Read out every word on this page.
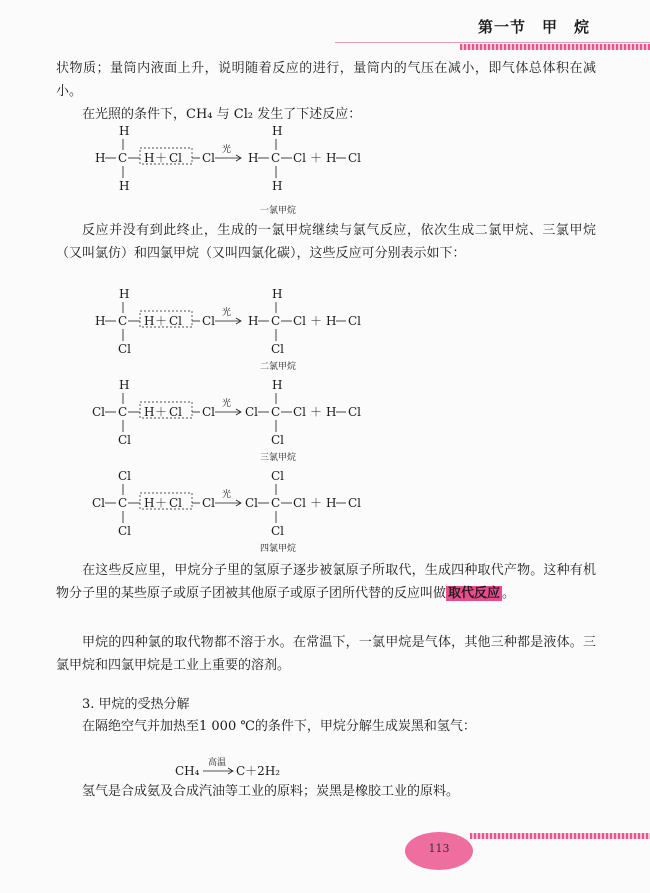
第一节　甲　烷

状物质；量筒内液面上升，说明随着反应的进行，量筒内的气压在减小，即气体总体积在减小。

在光照的条件下，CH₄ 与 Cl₂ 发生了下述反应：

H
H C H ＋ Cl Cl
H
光
H
H C Cl ＋ H Cl
H
一氯甲烷
H
H C H ＋ Cl Cl
Cl
光
H
H C Cl ＋ H Cl
Cl
二氯甲烷
H
Cl C H ＋ Cl Cl
Cl
光
H
Cl C Cl ＋ H Cl
Cl
三氯甲烷
Cl
Cl C H ＋ Cl Cl
Cl
光
Cl
Cl C Cl ＋ H Cl
Cl
四氯甲烷
CH₄
高温
C＋2H₂

反应并没有到此终止，生成的一氯甲烷继续与氯气反应，依次生成二氯甲烷、三氯甲烷（又叫氯仿）和四氯甲烷（又叫四氯化碳），这些反应可分别表示如下：

在这些反应里，甲烷分子里的氢原子逐步被氯原子所取代，生成四种取代产物。这种有机物分子里的某些原子或原子团被其他原子或原子团所代替的反应叫做 取代反应 。

甲烷的四种氯的取代物都不溶于水。在常温下，一氯甲烷是气体，其他三种都是液体。三氯甲烷和四氯甲烷是工业上重要的溶剂。

3. 甲烷的受热分解

在隔绝空气并加热至1 000 ℃的条件下，甲烷分解生成炭黑和氢气：

氢气是合成氨及合成汽油等工业的原料；炭黑是橡胶工业的原料。

113
